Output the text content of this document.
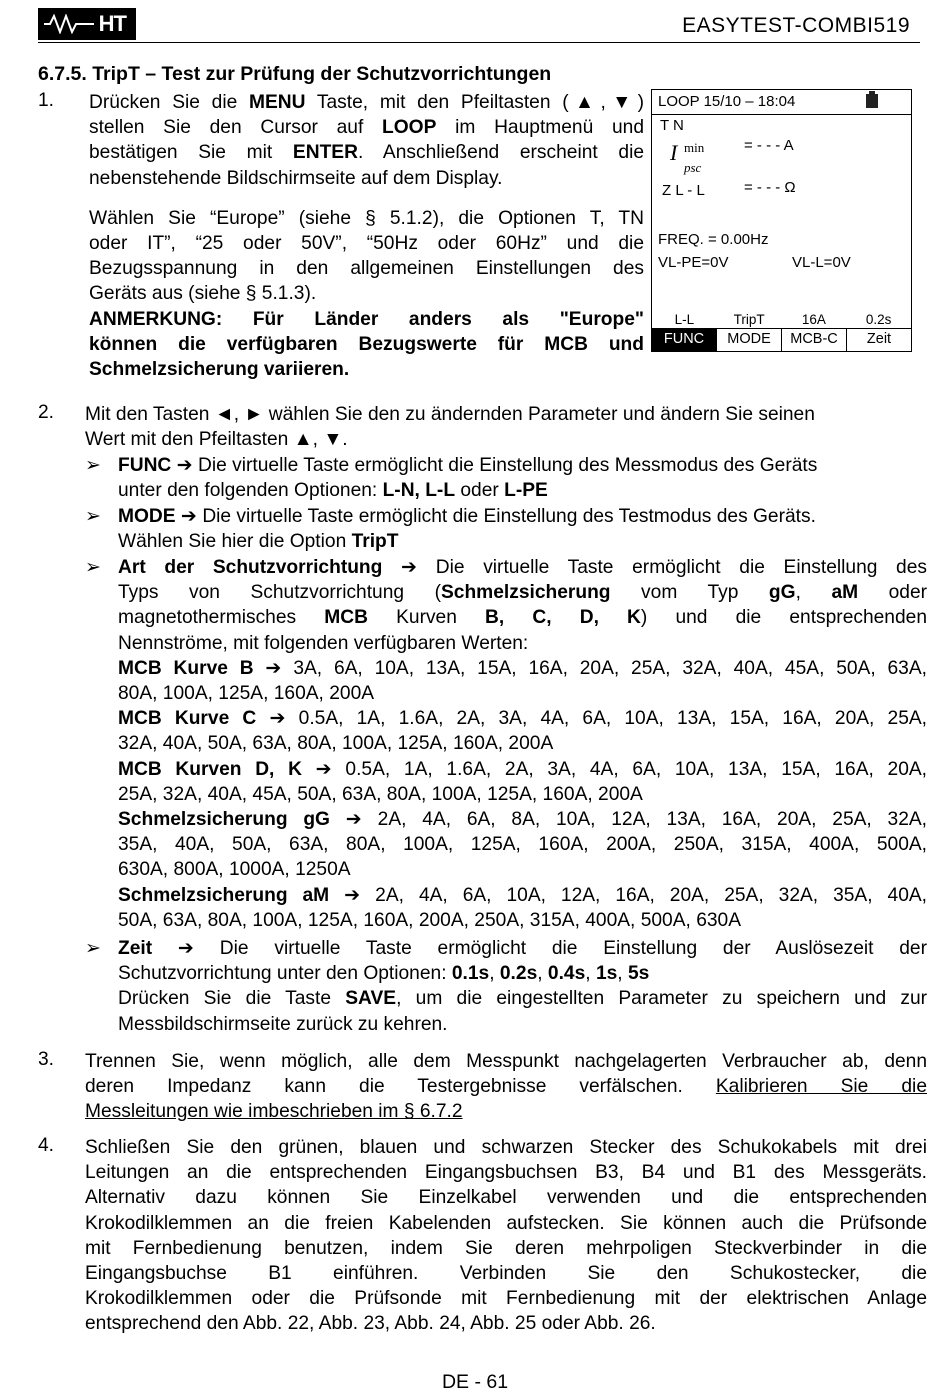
HT	EASYTEST-COMBI519
6.7.5. TripT – Test zur Prüfung der Schutzvorrichtungen
1. Drücken Sie die MENU Taste, mit den Pfeiltasten (▲,▼)
stellen Sie den Cursor auf LOOP im Hauptmenü und
bestätigen Sie mit ENTER. Anschließend erscheint die
nebenstehende Bildschirmseite auf dem Display.
Wählen Sie “Europe” (siehe § 5.1.2), die Optionen T, TN
oder IT”, “25 oder 50V”, “50Hz oder 60Hz” und die
Bezugsspannung in den allgemeinen Einstellungen des
Geräts aus (siehe § 5.1.3).
ANMERKUNG: Für Länder anders als "Europe"
können die verfügbaren Bezugswerte für MCB und
Schmelzsicherung variieren.
LOOP 15/10 – 18:04
T N
I min
psc
= - - - A
Z L - L	= - - - Ω
FREQ. = 0.00Hz
VL-PE=0V	VL-L=0V
L-L	TripT	16A	0.2s
FUNC	MODE	MCB-C	Zeit
2. Mit den Tasten ◄, ► wählen Sie den zu ändernden Parameter und ändern Sie seinen
Wert mit den Pfeiltasten ▲, ▼.
➢ FUNC ➔ Die virtuelle Taste ermöglicht die Einstellung des Messmodus des Geräts
unter den folgenden Optionen: L-N, L-L oder L-PE
➢ MODE ➔ Die virtuelle Taste ermöglicht die Einstellung des Testmodus des Geräts.
Wählen Sie hier die Option TripT
➢ Art der Schutzvorrichtung ➔ Die virtuelle Taste ermöglicht die Einstellung des
Typs von Schutzvorrichtung (Schmelzsicherung vom Typ gG, aM oder
magnetothermisches MCB Kurven B, C, D, K) und die entsprechenden
Nennströme, mit folgenden verfügbaren Werten:
MCB Kurve B ➔ 3A, 6A, 10A, 13A, 15A, 16A, 20A, 25A, 32A, 40A, 45A, 50A, 63A,
80A, 100A, 125A, 160A, 200A
MCB Kurve C ➔ 0.5A, 1A, 1.6A, 2A, 3A, 4A, 6A, 10A, 13A, 15A, 16A, 20A, 25A,
32A, 40A, 50A, 63A, 80A, 100A, 125A, 160A, 200A
MCB Kurven D, K ➔ 0.5A, 1A, 1.6A, 2A, 3A, 4A, 6A, 10A, 13A, 15A, 16A, 20A,
25A, 32A, 40A, 45A, 50A, 63A, 80A, 100A, 125A, 160A, 200A
Schmelzsicherung gG ➔ 2A, 4A, 6A, 8A, 10A, 12A, 13A, 16A, 20A, 25A, 32A,
35A, 40A, 50A, 63A, 80A, 100A, 125A, 160A, 200A, 250A, 315A, 400A, 500A,
630A, 800A, 1000A, 1250A
Schmelzsicherung aM ➔ 2A, 4A, 6A, 10A, 12A, 16A, 20A, 25A, 32A, 35A, 40A,
50A, 63A, 80A, 100A, 125A, 160A, 200A, 250A, 315A, 400A, 500A, 630A
➢ Zeit ➔ Die virtuelle Taste ermöglicht die Einstellung der Auslösezeit der
Schutzvorrichtung unter den Optionen: 0.1s, 0.2s, 0.4s, 1s, 5s
Drücken Sie die Taste SAVE, um die eingestellten Parameter zu speichern und zur
Messbildschirmseite zurück zu kehren.
3. Trennen Sie, wenn möglich, alle dem Messpunkt nachgelagerten Verbraucher ab, denn
deren Impedanz kann die Testergebnisse verfälschen. Kalibrieren Sie die
Messleitungen wie imbeschrieben im § 6.7.2
4. Schließen Sie den grünen, blauen und schwarzen Stecker des Schukokabels mit drei
Leitungen an die entsprechenden Eingangsbuchsen B3, B4 und B1 des Messgeräts.
Alternativ dazu können Sie Einzelkabel verwenden und die entsprechenden
Krokodilklemmen an die freien Kabelenden aufstecken. Sie können auch die Prüfsonde
mit Fernbedienung benutzen, indem Sie deren mehrpoligen Steckverbinder in die
Eingangsbuchse B1 einführen. Verbinden Sie den Schukostecker, die
Krokodilklemmen oder die Prüfsonde mit Fernbedienung mit der elektrischen Anlage
entsprechend den Abb. 22, Abb. 23, Abb. 24, Abb. 25 oder Abb. 26.
DE - 61
